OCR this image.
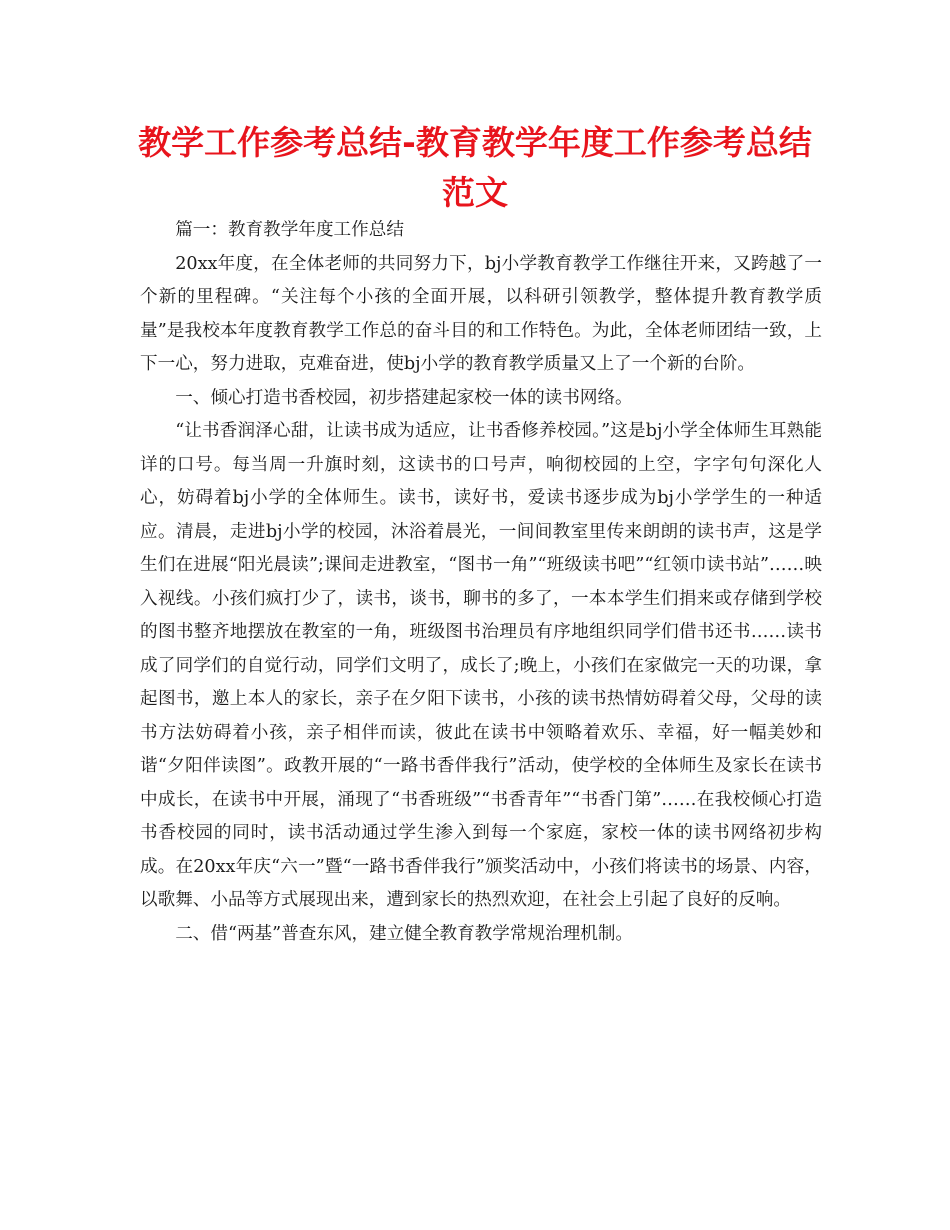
教学工作参考总结-教育教学年度工作参考总结范文

篇一：教育教学年度工作总结

20xx年度，在全体老师的共同努力下，bj小学教育教学工作继往开来，又跨越了一个新的里程碑。“关注每个小孩的全面开展，以科研引领教学，整体提升教育教学质量”是我校本年度教育教学工作总的奋斗目的和工作特色。为此，全体老师团结一致，上下一心，努力进取，克难奋进，使bj小学的教育教学质量又上了一个新的台阶。

一、倾心打造书香校园，初步搭建起家校一体的读书网络。

“让书香润泽心甜，让读书成为适应，让书香修养校园。”这是bj小学全体师生耳熟能详的口号。每当周一升旗时刻，这读书的口号声，响彻校园的上空，字字句句深化人心，妨碍着bj小学的全体师生。读书，读好书，爱读书逐步成为bj小学学生的一种适应。清晨，走进bj小学的校园，沐浴着晨光，一间间教室里传来朗朗的读书声，这是学生们在进展“阳光晨读”;课间走进教室，“图书一角”“班级读书吧”“红领巾读书站”……映入视线。小孩们疯打少了，读书，谈书，聊书的多了，一本本学生们捐来或存储到学校的图书整齐地摆放在教室的一角，班级图书治理员有序地组织同学们借书还书……读书成了同学们的自觉行动，同学们文明了，成长了;晚上，小孩们在家做完一天的功课，拿起图书，邀上本人的家长，亲子在夕阳下读书，小孩的读书热情妨碍着父母，父母的读书方法妨碍着小孩，亲子相伴而读，彼此在读书中领略着欢乐、幸福，好一幅美妙和谐“夕阳伴读图”。政教开展的“一路书香伴我行”活动，使学校的全体师生及家长在读书中成长，在读书中开展，涌现了“书香班级”“书香青年”“书香门第”……在我校倾心打造书香校园的同时，读书活动通过学生渗入到每一个家庭，家校一体的读书网络初步构成。在20xx年庆“六一”暨“一路书香伴我行”颁奖活动中，小孩们将读书的场景、内容，以歌舞、小品等方式展现出来，遭到家长的热烈欢迎，在社会上引起了良好的反响。

二、借“两基”普查东风，建立健全教育教学常规治理机制。
